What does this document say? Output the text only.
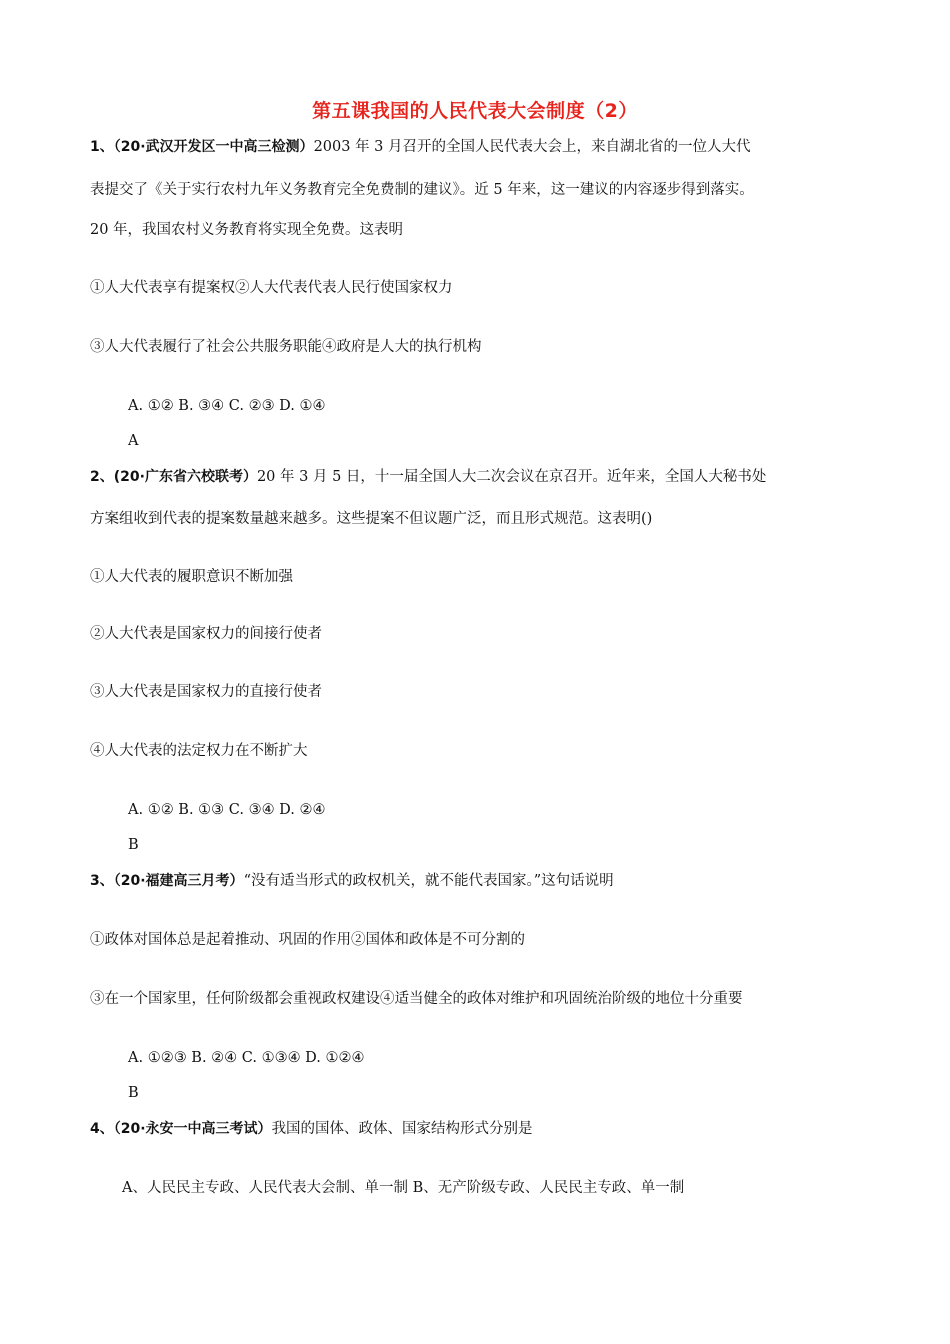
第五课我国的人民代表大会制度（2）
1、（20·武汉开发区一中高三检测）2003 年 3 月召开的全国人民代表大会上，来自湖北省的一位人大代
表提交了《关于实行农村九年义务教育完全免费制的建议》。近 5 年来，这一建议的内容逐步得到落实。
20 年，我国农村义务教育将实现全免费。这表明
①人大代表享有提案权②人大代表代表人民行使国家权力
③人大代表履行了社会公共服务职能④政府是人大的执行机构
A. ①② B. ③④ C. ②③ D. ①④
A
2、(20·广东省六校联考）20 年 3 月 5 日，十一届全国人大二次会议在京召开。近年来，全国人大秘书处
方案组收到代表的提案数量越来越多。这些提案不但议题广泛，而且形式规范。这表明()
①人大代表的履职意识不断加强
②人大代表是国家权力的间接行使者
③人大代表是国家权力的直接行使者
④人大代表的法定权力在不断扩大
A. ①② B. ①③ C. ③④ D. ②④
B
3、（20·福建高三月考）“没有适当形式的政权机关，就不能代表国家。”这句话说明
①政体对国体总是起着推动、巩固的作用②国体和政体是不可分割的
③在一个国家里，任何阶级都会重视政权建设④适当健全的政体对维护和巩固统治阶级的地位十分重要
A. ①②③ B. ②④ C. ①③④ D. ①②④
B
4、（20·永安一中高三考试）我国的国体、政体、国家结构形式分别是
A、人民民主专政、人民代表大会制、单一制 B、无产阶级专政、人民民主专政、单一制
